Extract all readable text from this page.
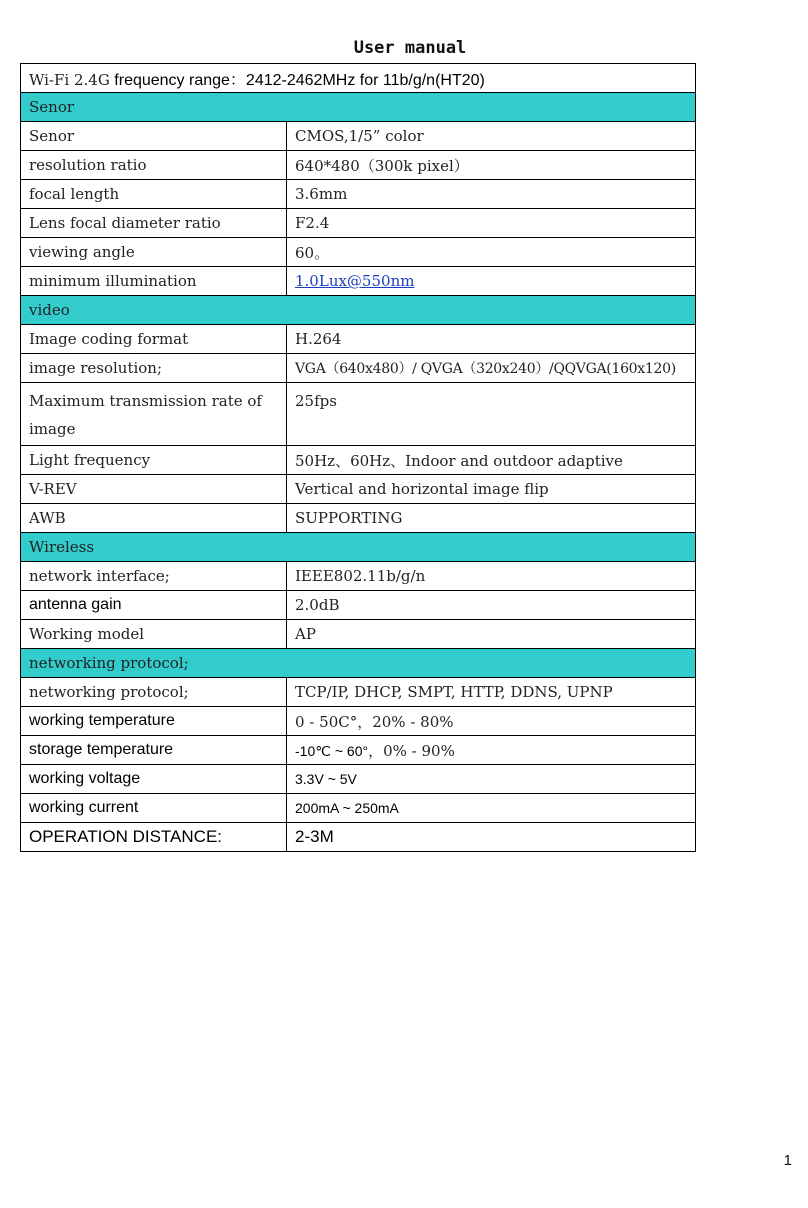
User manual
Wi-Fi 2.4G frequency range：2412-2462MHz for 11b/g/n(HT20)	
Senor	
Senor	CMOS,1/5” color
resolution ratio	640*480（300k pixel）
focal length	3.6mm
Lens focal diameter ratio	F2.4
viewing angle	60。
minimum illumination	1.0Lux@550nm
video	
Image coding format	H.264
image resolution;	VGA（640x480）/ QVGA（320x240）/QQVGA(160x120)
Maximum transmission rate of image	25fps
Light frequency	50Hz、60Hz、Indoor and outdoor adaptive
V-REV	Vertical and horizontal image flip
AWB	SUPPORTING
Wireless	
network interface;	IEEE802.11b/g/n
antenna gain	2.0dB
Working model	AP
networking protocol;	
networking protocol;	TCP/IP, DHCP, SMPT, HTTP, DDNS, UPNP
working temperature	0 - 50C°，20% - 80%
storage temperature	-10℃ ~ 60°，0% - 90%
working voltage	3.3V ~ 5V
working current	200mA ~ 250mA
OPERATION DISTANCE:	2-3M
1
